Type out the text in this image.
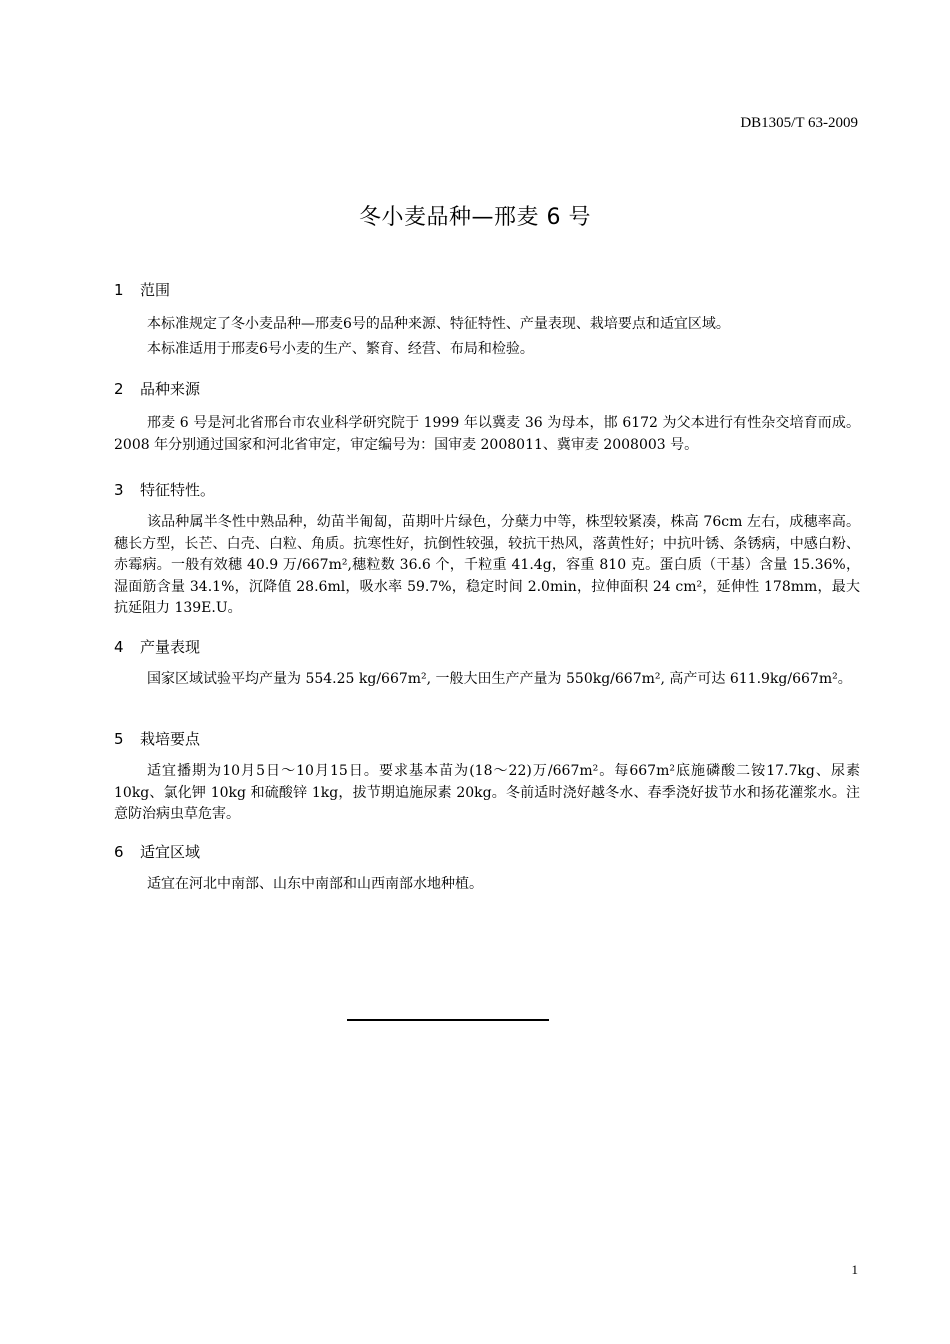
DB1305/T 63-2009
冬小麦品种—邢麦 6 号
1 范围
本标准规定了冬小麦品种—邢麦6号的品种来源、特征特性、产量表现、栽培要点和适宜区域。
本标准适用于邢麦6号小麦的生产、繁育、经营、布局和检验。
2 品种来源
邢麦 6 号是河北省邢台市农业科学研究院于 1999 年以冀麦 36 为母本，邯 6172 为父本进行有性杂交培育而成。2008 年分别通过国家和河北省审定，审定编号为：国审麦 2008011、冀审麦 2008003 号。
3 特征特性。
该品种属半冬性中熟品种，幼苗半匍匐，苗期叶片绿色，分蘖力中等，株型较紧凑，株高 76cm 左右，成穗率高。穗长方型，长芒、白壳、白粒、角质。抗寒性好，抗倒性较强，较抗干热风，落黄性好；中抗叶锈、条锈病，中感白粉、赤霉病。一般有效穗 40.9 万/667m²,穗粒数 36.6 个，千粒重 41.4g，容重 810 克。蛋白质（干基）含量 15.36%，湿面筋含量 34.1%，沉降值 28.6ml，吸水率 59.7%，稳定时间 2.0min，拉伸面积 24 cm²，延伸性 178mm，最大抗延阻力 139E.U。
4 产量表现
国家区域试验平均产量为 554.25 kg/667m², 一般大田生产产量为 550kg/667m², 高产可达 611.9kg/667m²。
5 栽培要点
适宜播期为10月5日～10月15日。要求基本苗为(18～22)万/667m²。每667m²底施磷酸二铵17.7kg、尿素 10kg、氯化钾 10kg 和硫酸锌 1kg，拔节期追施尿素 20kg。冬前适时浇好越冬水、春季浇好拔节水和扬花灌浆水。注意防治病虫草危害。
6 适宜区域
适宜在河北中南部、山东中南部和山西南部水地种植。
1
